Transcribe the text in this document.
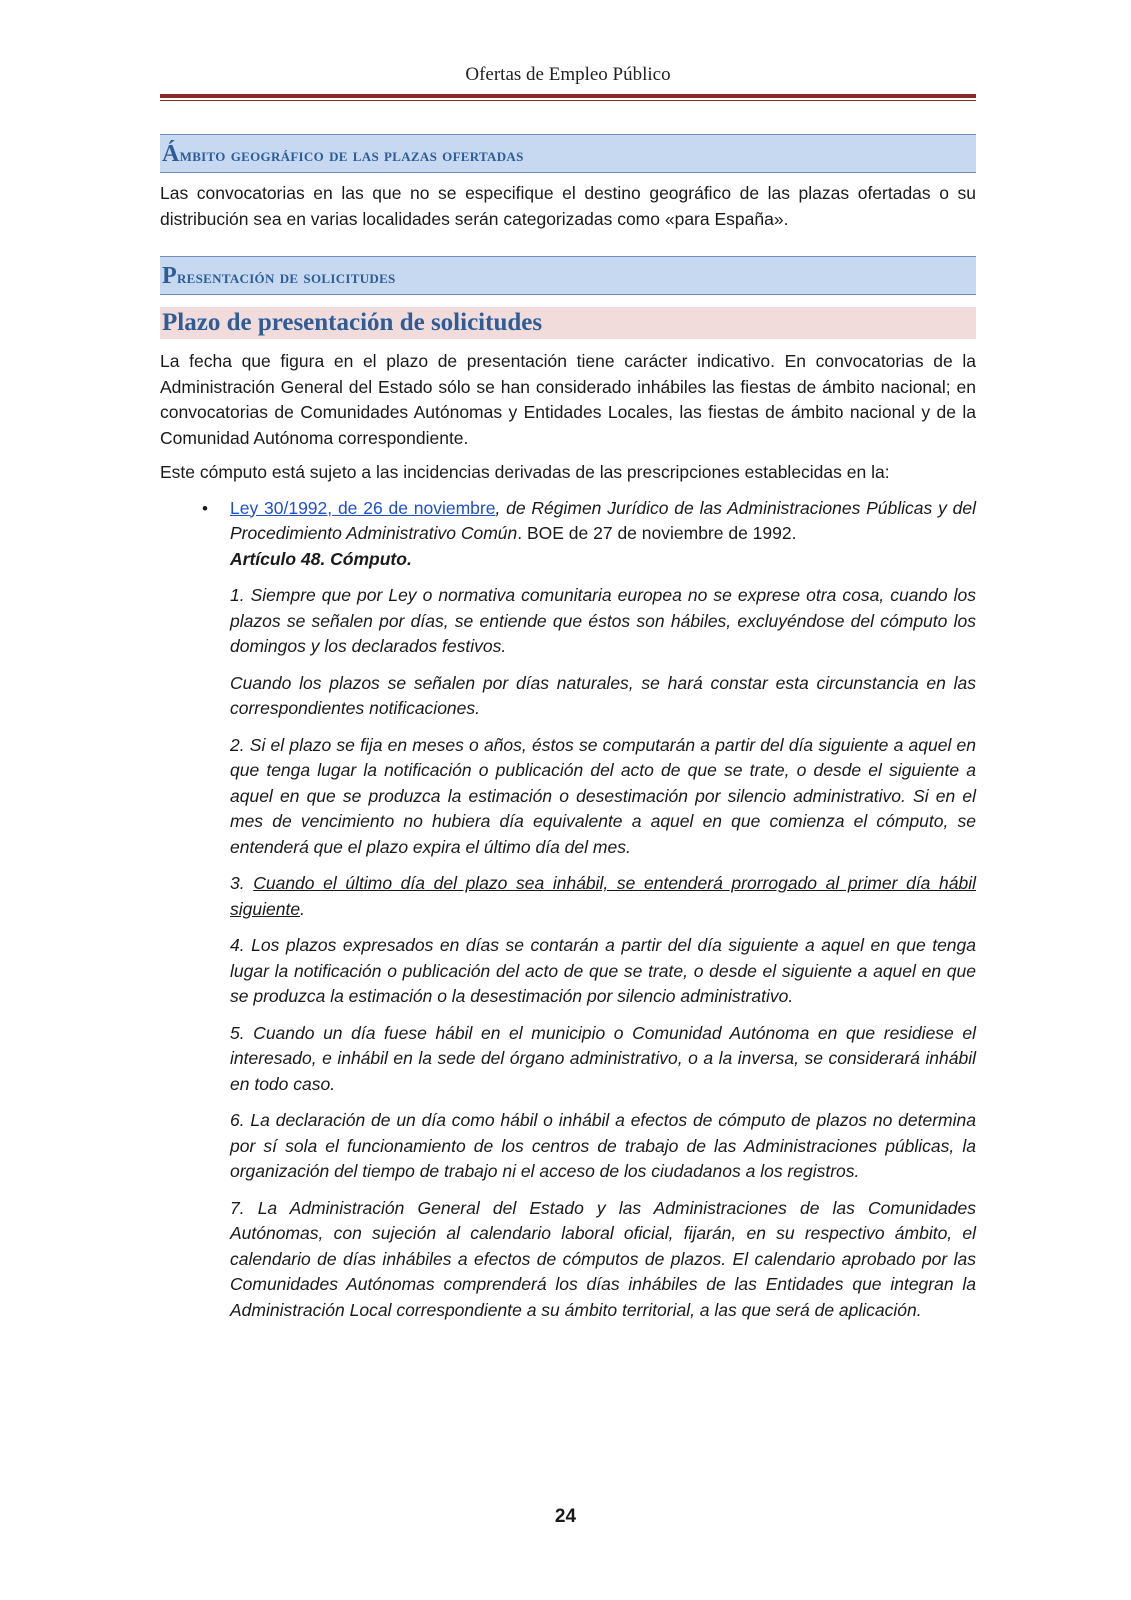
Ofertas de Empleo Público
Ámbito geográfico de las plazas ofertadas

Las convocatorias en las que no se especifique el destino geográfico de las plazas ofertadas o su distribución sea en varias localidades serán categorizadas como «para España».

Presentación de solicitudes
Plazo de presentación de solicitudes

La fecha que figura en el plazo de presentación tiene carácter indicativo. En convocatorias de la Administración General del Estado sólo se han considerado inhábiles las fiestas de ámbito nacional; en convocatorias de Comunidades Autónomas y Entidades Locales, las fiestas de ámbito nacional y de la Comunidad Autónoma correspondiente.

Este cómputo está sujeto a las incidencias derivadas de las prescripciones establecidas en la:

• Ley 30/1992, de 26 de noviembre, de Régimen Jurídico de las Administraciones Públicas y del Procedimiento Administrativo Común. BOE de 27 de noviembre de 1992.
Artículo 48. Cómputo.

1. Siempre que por Ley o normativa comunitaria europea no se exprese otra cosa, cuando los plazos se señalen por días, se entiende que éstos son hábiles, excluyéndose del cómputo los domingos y los declarados festivos.

Cuando los plazos se señalen por días naturales, se hará constar esta circunstancia en las correspondientes notificaciones.

2. Si el plazo se fija en meses o años, éstos se computarán a partir del día siguiente a aquel en que tenga lugar la notificación o publicación del acto de que se trate, o desde el siguiente a aquel en que se produzca la estimación o desestimación por silencio administrativo. Si en el mes de vencimiento no hubiera día equivalente a aquel en que comienza el cómputo, se entenderá que el plazo expira el último día del mes.

3. Cuando el último día del plazo sea inhábil, se entenderá prorrogado al primer día hábil siguiente.

4. Los plazos expresados en días se contarán a partir del día siguiente a aquel en que tenga lugar la notificación o publicación del acto de que se trate, o desde el siguiente a aquel en que se produzca la estimación o la desestimación por silencio administrativo.

5. Cuando un día fuese hábil en el municipio o Comunidad Autónoma en que residiese el interesado, e inhábil en la sede del órgano administrativo, o a la inversa, se considerará inhábil en todo caso.

6. La declaración de un día como hábil o inhábil a efectos de cómputo de plazos no determina por sí sola el funcionamiento de los centros de trabajo de las Administraciones públicas, la organización del tiempo de trabajo ni el acceso de los ciudadanos a los registros.

7. La Administración General del Estado y las Administraciones de las Comunidades Autónomas, con sujeción al calendario laboral oficial, fijarán, en su respectivo ámbito, el calendario de días inhábiles a efectos de cómputos de plazos. El calendario aprobado por las Comunidades Autónomas comprenderá los días inhábiles de las Entidades que integran la Administración Local correspondiente a su ámbito territorial, a las que será de aplicación.

24
